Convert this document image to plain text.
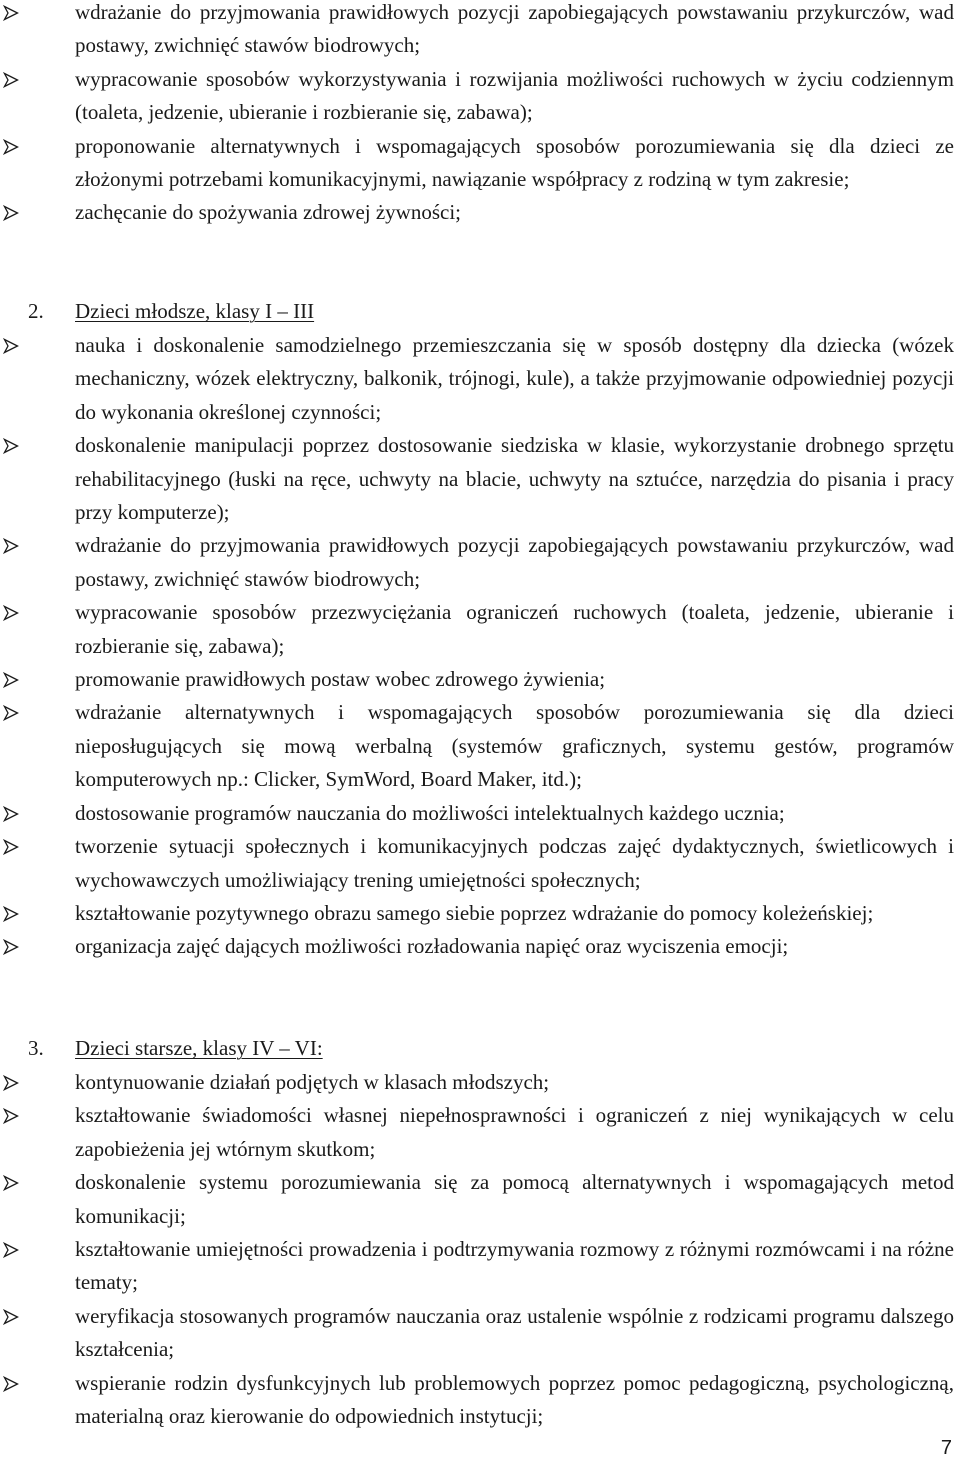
wdrażanie do przyjmowania prawidłowych pozycji zapobiegających powstawaniu przykurczów, wad postawy, zwichnięć stawów biodrowych;
wypracowanie sposobów wykorzystywania i rozwijania możliwości ruchowych w życiu codziennym (toaleta, jedzenie, ubieranie i rozbieranie się, zabawa);
proponowanie alternatywnych i wspomagających sposobów porozumiewania się dla dzieci ze złożonymi potrzebami komunikacyjnymi, nawiązanie współpracy z rodziną w tym zakresie;
zachęcanie do spożywania zdrowej żywności;
2. Dzieci młodsze, klasy I – III
nauka i doskonalenie samodzielnego przemieszczania się w sposób dostępny dla dziecka (wózek mechaniczny, wózek elektryczny, balkonik, trójnogi, kule), a także przyjmowanie odpowiedniej pozycji do wykonania określonej czynności;
doskonalenie manipulacji poprzez dostosowanie siedziska w klasie, wykorzystanie drobnego sprzętu rehabilitacyjnego (łuski na ręce, uchwyty na blacie, uchwyty na sztućce, narzędzia do pisania i pracy przy komputerze);
wdrażanie do przyjmowania prawidłowych pozycji zapobiegających powstawaniu przykurczów, wad postawy, zwichnięć stawów biodrowych;
wypracowanie sposobów przezwyciężania ograniczeń ruchowych (toaleta, jedzenie, ubieranie i rozbieranie się, zabawa);
promowanie prawidłowych postaw wobec zdrowego żywienia;
wdrażanie alternatywnych i wspomagających sposobów porozumiewania się dla dzieci nieposługujących się mową werbalną (systemów graficznych, systemu gestów, programów komputerowych np.: Clicker, SymWord, Board Maker, itd.);
dostosowanie programów nauczania do możliwości intelektualnych każdego ucznia;
tworzenie sytuacji społecznych i komunikacyjnych podczas zajęć dydaktycznych, świetlicowych i wychowawczych umożliwiający trening umiejętności społecznych;
kształtowanie pozytywnego obrazu samego siebie poprzez wdrażanie do pomocy koleżeńskiej;
organizacja zajęć dających możliwości rozładowania napięć oraz wyciszenia emocji;
3. Dzieci starsze, klasy IV – VI:
kontynuowanie działań podjętych w klasach młodszych;
kształtowanie świadomości własnej niepełnosprawności i ograniczeń z niej wynikających w celu zapobieżenia jej wtórnym skutkom;
doskonalenie systemu porozumiewania się za pomocą alternatywnych i wspomagających metod komunikacji;
kształtowanie umiejętności prowadzenia i podtrzymywania rozmowy z różnymi rozmówcami i na różne tematy;
weryfikacja stosowanych programów nauczania oraz ustalenie wspólnie z rodzicami programu dalszego kształcenia;
wspieranie rodzin dysfunkcyjnych lub problemowych poprzez pomoc pedagogiczną, psychologiczną, materialną oraz kierowanie do odpowiednich instytucji;
7
